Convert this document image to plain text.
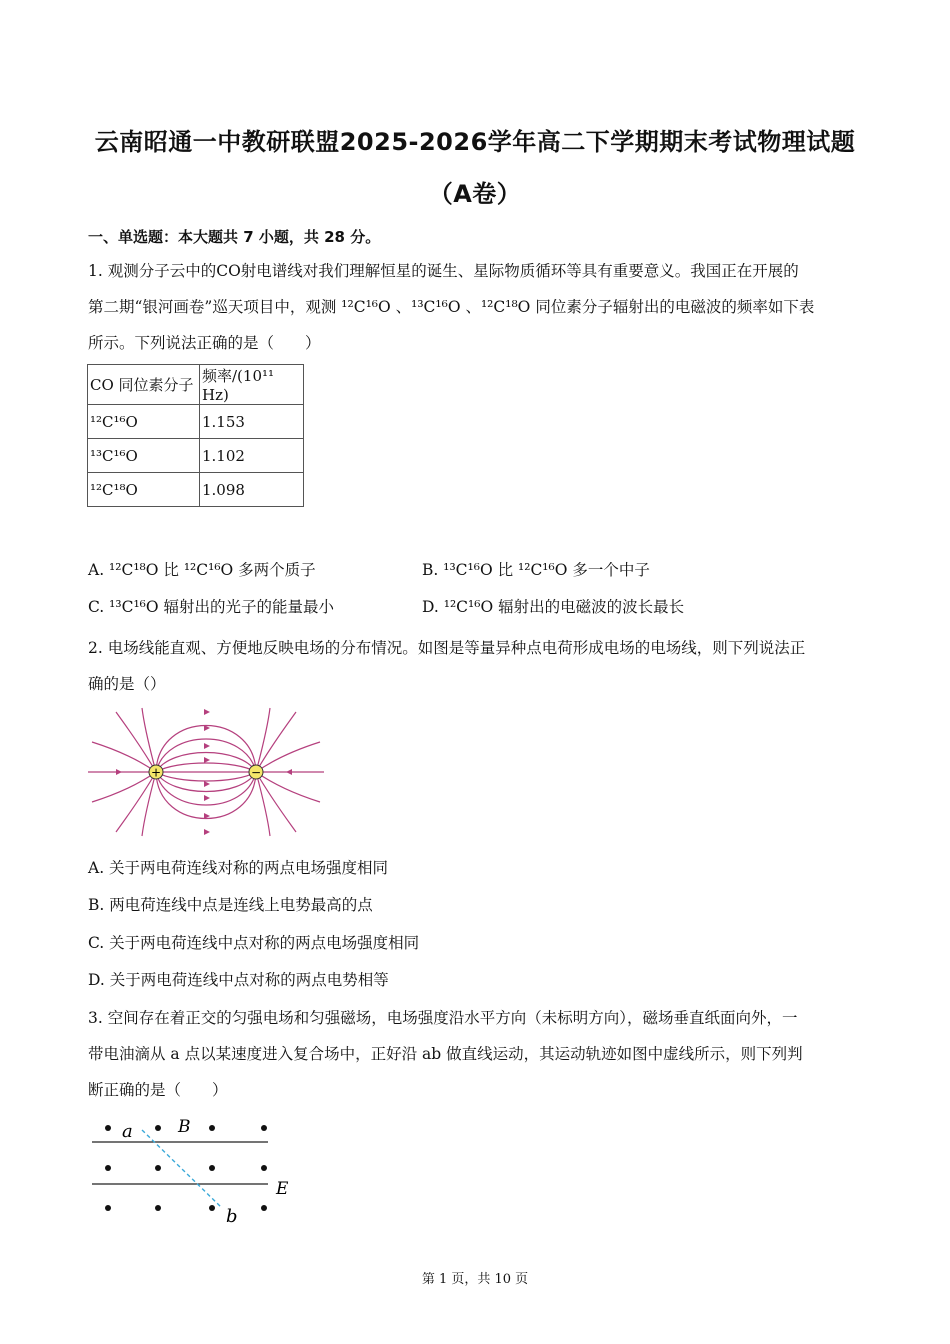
云南昭通一中教研联盟2025-2026学年高二下学期期末考试物理试题
（A卷）
一、单选题：本大题共 7 小题，共 28 分。
1. 观测分子云中的CO射电谱线对我们理解恒星的诞生、星际物质循环等具有重要意义。我国正在开展的
第二期“银河画卷”巡天项目中，观测 ¹²C¹⁶O 、¹³C¹⁶O 、¹²C¹⁸O 同位素分子辐射出的电磁波的频率如下表
所示。下列说法正确的是（　　）
CO 同位素分子	频率/(10¹¹ Hz)
¹²C¹⁶O	1.153
¹³C¹⁶O	1.102
¹²C¹⁸O	1.098
A. ¹²C¹⁸O 比 ¹²C¹⁶O 多两个质子	B. ¹³C¹⁶O 比 ¹²C¹⁶O 多一个中子
C. ¹³C¹⁶O 辐射出的光子的能量最小	D. ¹²C¹⁶O 辐射出的电磁波的波长最长
2. 电场线能直观、方便地反映电场的分布情况。如图是等量异种点电荷形成电场的电场线，则下列说法正
确的是（）
+	−
A. 关于两电荷连线对称的两点电场强度相同
B. 两电荷连线中点是连线上电势最高的点
C. 关于两电荷连线中点对称的两点电场强度相同
D. 关于两电荷连线中点对称的两点电势相等
3. 空间存在着正交的匀强电场和匀强磁场，电场强度沿水平方向（未标明方向），磁场垂直纸面向外，一
带电油滴从 a 点以某速度进入复合场中，正好沿 ab 做直线运动，其运动轨迹如图中虚线所示，则下列判
断正确的是（　　）
a	B
E
b
第 1 页，共 10 页
